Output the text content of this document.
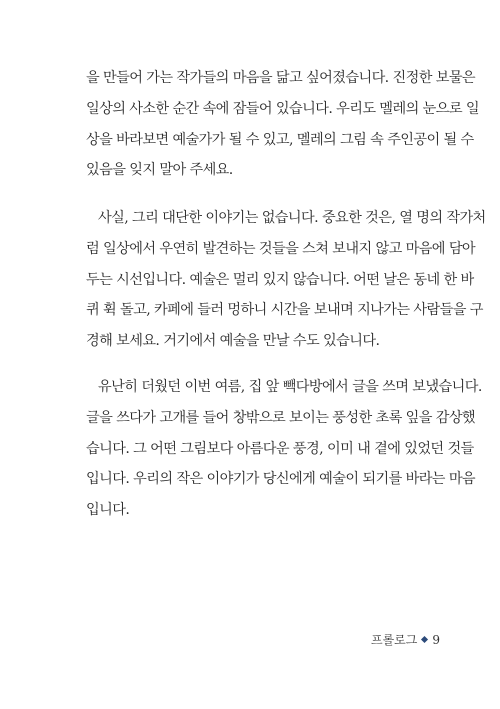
을 만들어 가는 작가들의 마음을 닮고 싶어졌습니다. 진정한 보물은
일상의 사소한 순간 속에 잠들어 있습니다. 우리도 멜레의 눈으로 일
상을 바라보면 예술가가 될 수 있고, 멜레의 그림 속 주인공이 될 수
있음을 잊지 말아 주세요.
사실, 그리 대단한 이야기는 없습니다. 중요한 것은, 열 명의 작가처
럼 일상에서 우연히 발견하는 것들을 스쳐 보내지 않고 마음에 담아
두는 시선입니다. 예술은 멀리 있지 않습니다. 어떤 날은 동네 한 바
퀴 휙 돌고, 카페에 들러 멍하니 시간을 보내며 지나가는 사람들을 구
경해 보세요. 거기에서 예술을 만날 수도 있습니다.
유난히 더웠던 이번 여름, 집 앞 빽다방에서 글을 쓰며 보냈습니다.
글을 쓰다가 고개를 들어 창밖으로 보이는 풍성한 초록 잎을 감상했
습니다. 그 어떤 그림보다 아름다운 풍경, 이미 내 곁에 있었던 것들
입니다. 우리의 작은 이야기가 당신에게 예술이 되기를 바라는 마음
입니다.
프롤로그 9
